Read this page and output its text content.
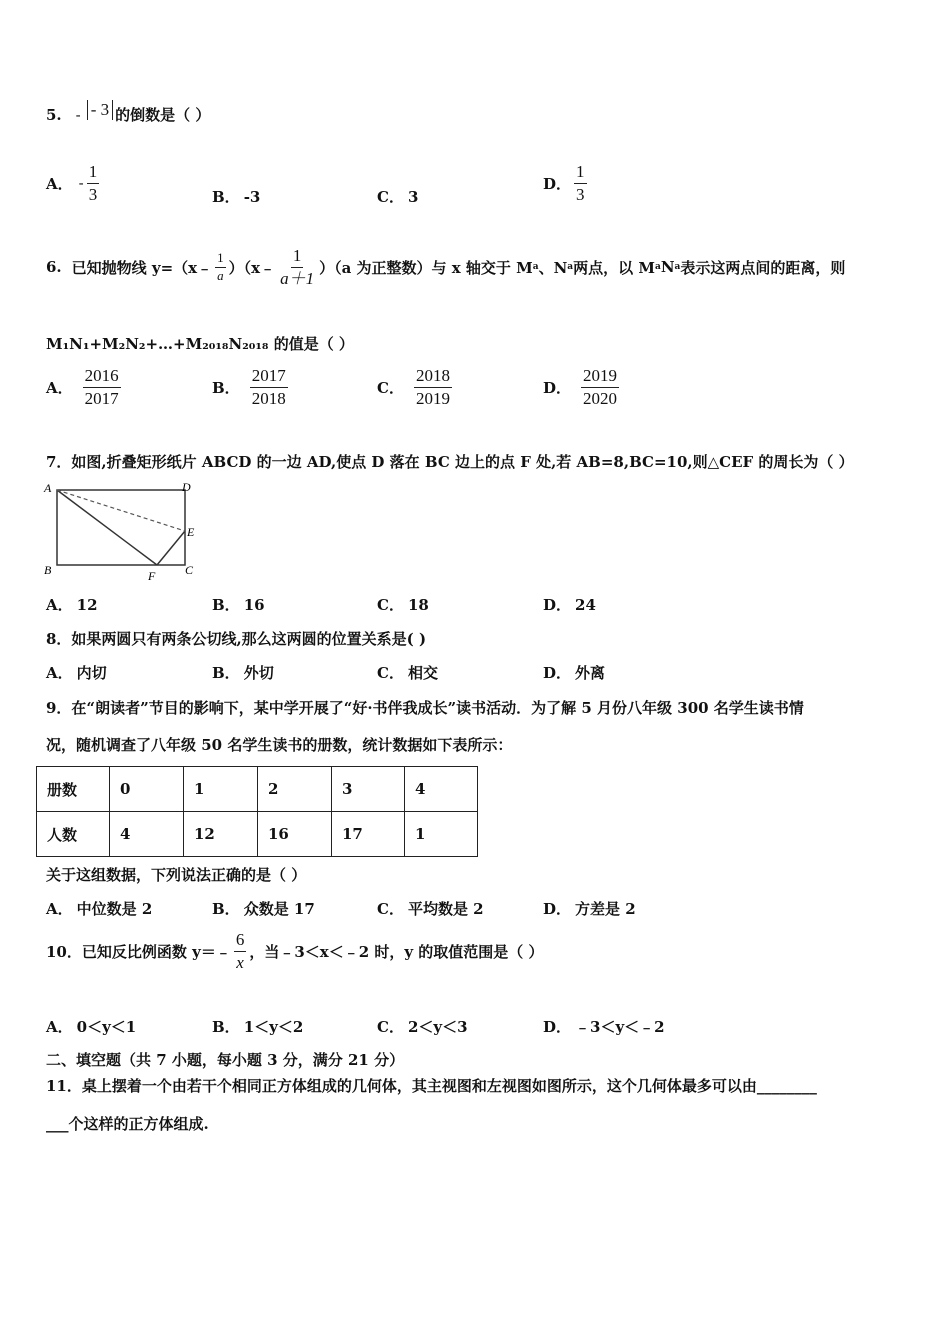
5. - - 3 的倒数是（ ）
A． - $\frac{1}{3}$	B． -3	C． 3
D． $\frac{1}{3}$
6. 已知抛物线 y=（x﹣ $\frac{1}{a}$ ）（x﹣ $\frac{1}{a+1} )(a$ 为正整数）与 x 轴交于 M a 、N a 两点，以 M a N a 表示这两点间的距离，则
M₁N₁+M₂N₂+…+M₂₀₁₈N₂₀₁₈ 的值是（ ）
A． $\frac{2016}{2017}$	B． $\frac{2017}{2018}$	C． $\frac{2018}{2019}$	D． $\frac{2019}{2020}$
7．如图,折叠矩形纸片 ABCD 的一边 AD,使点 D 落在 BC 边上的点 F 处,若 AB=8,BC=10,则△CEF 的周长为（ ）
A	D
B	C
E
F
A． 12	B． 16	C． 18	D． 24
8．如果两圆只有两条公切线,那么这两圆的位置关系是( )
A． 内切	B． 外切	C． 相交	D． 外离
9．在“朗读者”节目的影响下，某中学开展了“好·书伴我成长”读书活动．为了解 5 月份八年级 300 名学生读书情
况，随机调查了八年级 50 名学生读书的册数，统计数据如下表所示：
册数	0	1	2	3	4
人数	4	12	16	17	1
关于这组数据，下列说法正确的是（ ）
A． 中位数是 2	B． 众数是 17	C． 平均数是 2	D． 方差是 2
10．已知反比例函数 y＝﹣ $\frac{6}{x}$ ，当﹣3＜x＜﹣2 时，y 的取值范围是（ ）
A． 0＜y＜1	B． 1＜y＜2	C． 2＜y＜3	D． ﹣3＜y＜﹣2
二、填空题（共 7 小题，每小题 3 分，满分 21 分）
11．桌上摆着一个由若干个相同正方体组成的几何体，其主视图和左视图如图所示，这个几何体最多可以由________
___个这样的正方体组成.
